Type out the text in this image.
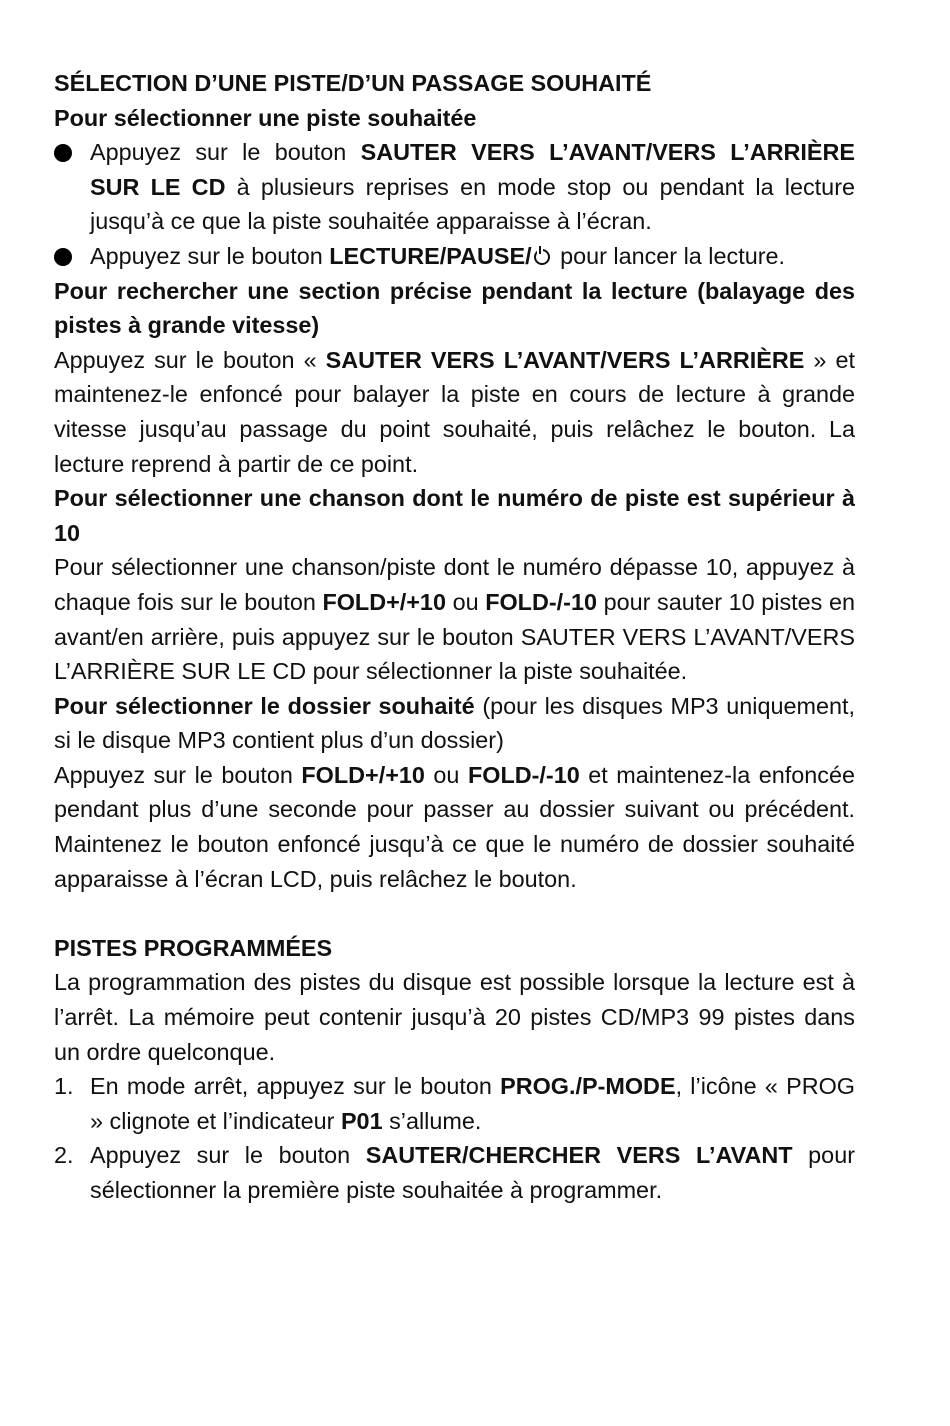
SÉLECTION D’UNE PISTE/D’UN PASSAGE SOUHAITÉ

Pour sélectionner une piste souhaitée

Appuyez sur le bouton SAUTER VERS L’AVANT/VERS L’ARRIÈRE SUR LE CD à plusieurs reprises en mode stop ou pendant la lecture jusqu’à ce que la piste souhaitée apparaisse à l’écran.
Appuyez sur le bouton LECTURE/PAUSE/ pour lancer la lecture.

Pour rechercher une section précise pendant la lecture (balayage des pistes à grande vitesse)

Appuyez sur le bouton « SAUTER VERS L’AVANT/VERS L’ARRIÈRE » et maintenez-le enfoncé pour balayer la piste en cours de lecture à grande vitesse jusqu’au passage du point souhaité, puis relâchez le bouton. La lecture reprend à partir de ce point.

Pour sélectionner une chanson dont le numéro de piste est supérieur à 10

Pour sélectionner une chanson/piste dont le numéro dépasse 10, appuyez à chaque fois sur le bouton FOLD+/+10 ou FOLD-/-10 pour sauter 10 pistes en avant/en arrière, puis appuyez sur le bouton SAUTER VERS L’AVANT/VERS L’ARRIÈRE SUR LE CD pour sélectionner la piste souhaitée.

Pour sélectionner le dossier souhaité (pour les disques MP3 uniquement, si le disque MP3 contient plus d’un dossier)

Appuyez sur le bouton FOLD+/+10 ou FOLD-/-10 et maintenez-la enfoncée pendant plus d’une seconde pour passer au dossier suivant ou précédent. Maintenez le bouton enfoncé jusqu’à ce que le numéro de dossier souhaité apparaisse à l’écran LCD, puis relâchez le bouton.

PISTES PROGRAMMÉES

La programmation des pistes du disque est possible lorsque la lecture est à l’arrêt. La mémoire peut contenir jusqu’à 20 pistes CD/MP3 99 pistes dans un ordre quelconque.

1. En mode arrêt, appuyez sur le bouton PROG./P-MODE, l’icône « PROG » clignote et l’indicateur P01 s’allume.
2. Appuyez sur le bouton SAUTER/CHERCHER VERS L’AVANT pour sélectionner la première piste souhaitée à programmer.
